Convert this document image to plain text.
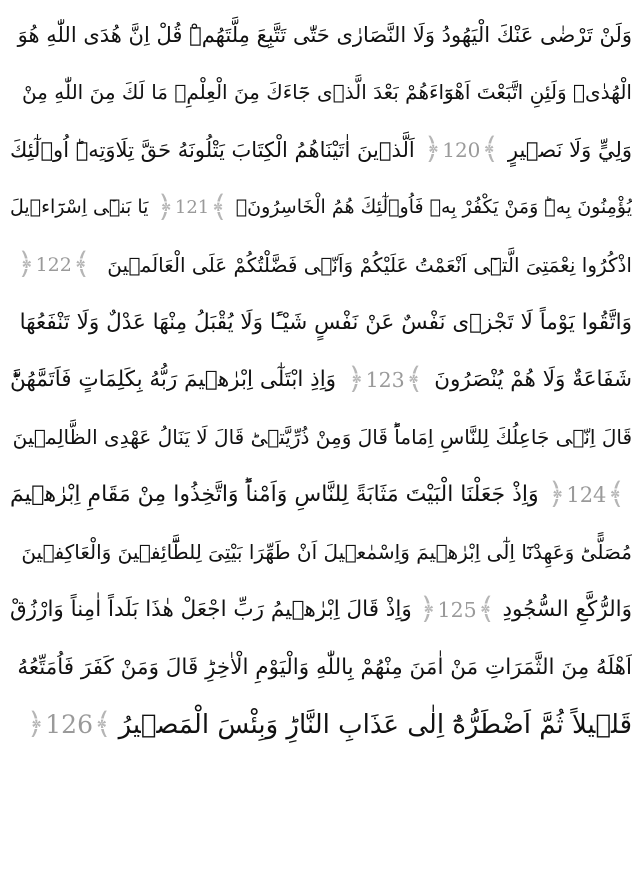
وَلَنْ تَرْضٰى عَنْكَ الْيَهُودُ وَلَا النَّصَارٰى حَتّٰى تَتَّبِعَ مِلَّتَهُمْۜ قُلْ اِنَّ هُدَى اللّٰهِ هُوَ
الْهُدٰىۜ وَلَئِنِ اتَّبَعْتَ اَهْوَٓاءَهُمْ بَعْدَ الَّذٖى جَٓاءَكَ مِنَ الْعِلْمِۙ مَا لَكَ مِنَ اللّٰهِ مِنْ
وَلِيٍّ وَلَا نَصٖيرٍ
﴿ 120 ﴾
اَلَّذٖينَ اٰتَيْنَاهُمُ الْكِتَابَ يَتْلُونَهُ حَقَّ تِلَاوَتِهٖؕ اُو۬لٰٓئِكَ
يُؤْمِنُونَ بِهٖؕ وَمَنْ يَكْفُرْ بِهٖ فَاُو۬لٰٓئِكَ هُمُ الْخَاسِرُونَ۟
﴿ 121 ﴾
يَا بَنٖٓى اِسْرَٓاءٖيلَ
اذْكُرُوا نِعْمَتِىَ الَّتٖٓى اَنْعَمْتُ عَلَيْكُمْ وَاَنّٖى فَضَّلْتُكُمْ عَلَى الْعَالَمٖينَ
﴿ 122 ﴾
وَاتَّقُوا يَوْماً لَا تَجْزٖى نَفْسٌ عَنْ نَفْسٍ شَيْـًٔا وَلَا يُقْبَلُ مِنْهَا عَدْلٌ وَلَا تَنْفَعُهَا
شَفَاعَةٌ وَلَا هُمْ يُنْصَرُونَ
﴿ 123 ﴾
وَاِذِ ابْتَلٰٓى اِبْرٰهٖيمَ رَبُّهُ بِكَلِمَاتٍ فَاَتَمَّهُنَّؕ
قَالَ اِنّٖى جَاعِلُكَ لِلنَّاسِ اِمَاماًؕ قَالَ وَمِنْ ذُرِّيَّتٖىؕ قَالَ لَا يَنَالُ عَهْدِى الظَّالِمٖينَ
﴿ 124 ﴾
وَاِذْ جَعَلْنَا الْبَيْتَ مَثَابَةً لِلنَّاسِ وَاَمْناًؕ وَاتَّخِذُوا مِنْ مَقَامِ اِبْرٰهٖيمَ
مُصَلًّىؕ وَعَهِدْنَٓا اِلٰٓى اِبْرٰهٖيمَ وَاِسْمٰعٖيلَ اَنْ طَهِّرَا بَيْتِىَ لِلطَّٓائِفٖينَ وَالْعَاكِفٖينَ
وَالرُّكَّعِ السُّجُودِ
﴿ 125 ﴾
وَاِذْ قَالَ اِبْرٰهٖيمُ رَبِّ اجْعَلْ هٰذَا بَلَداً اٰمِناً وَارْزُقْ
اَهْلَهُ مِنَ الثَّمَرَاتِ مَنْ اٰمَنَ مِنْهُمْ بِاللّٰهِ وَالْيَوْمِ الْاٰخِرِؕ قَالَ وَمَنْ كَفَرَ فَاُمَتِّعُهُ
قَلٖيلاً ثُمَّ اَضْطَرُّهُٓ اِلٰى عَذَابِ النَّارِؕ وَبِئْسَ الْمَصٖيرُ
﴿ 126 ﴾
